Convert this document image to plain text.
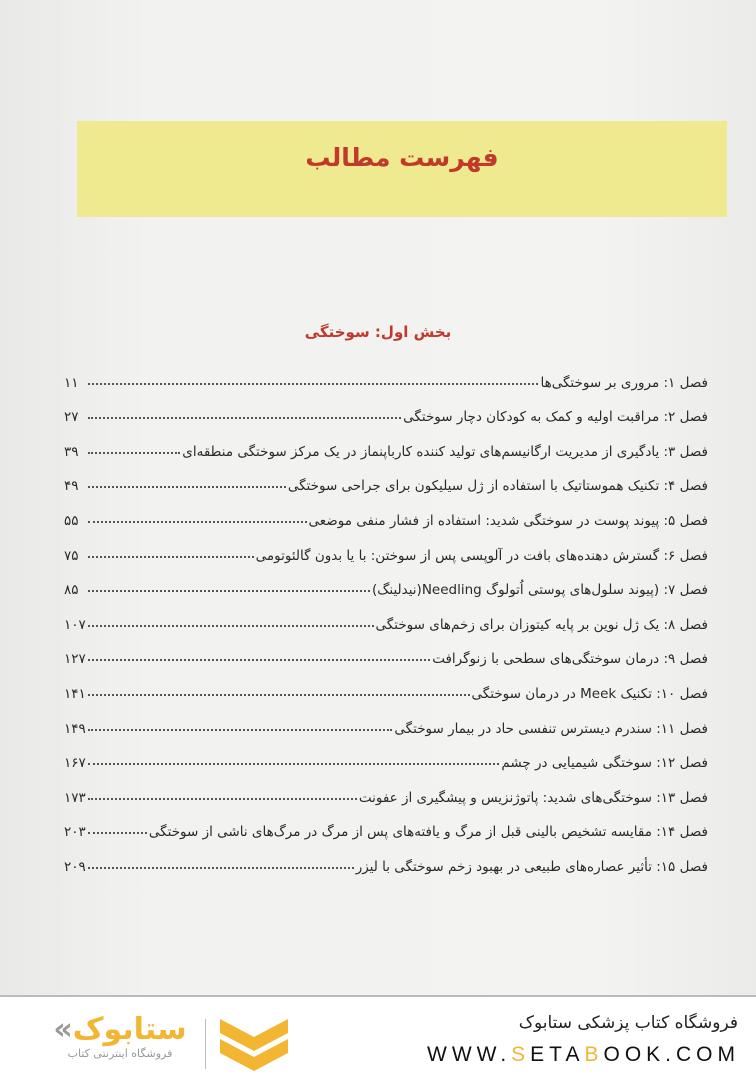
فهرست مطالب
بخش اول: سوختگی
فصل ۱: مروری بر سوختگی‌ها
۱۱
فصل ۲: مراقبت اولیه و کمک به کودکان دچار سوختگی
۲۷
فصل ۳: یادگیری از مدیریت ارگانیسم‌های تولید کننده کارباپنماز در یک مرکز سوختگی منطقه‌ای
۳۹
فصل ۴: تکنیک هموستاتیک با استفاده از ژل سیلیکون برای جراحی سوختگی
۴۹
فصل ۵: پیوند پوست در سوختگی شدید: استفاده از فشار منفی موضعی
۵۵
فصل ۶: گسترش دهنده‌های بافت در آلوپسی پس از سوختن: با یا بدون گالئوتومی
۷۵
فصل ۷: (پیوند سلول‌های پوستی اُتولوگ Needling(نیدلینگ)
۸۵
فصل ۸: یک ژل نوین بر پایه کیتوزان برای زخم‌های سوختگی
۱۰۷
فصل ۹: درمان سوختگی‌های سطحی با زنوگرافت
۱۲۷
فصل ۱۰: تکنیک Meek در درمان سوختگی
۱۴۱
فصل ۱۱: سندرم دیسترس تنفسی حاد در بیمار سوختگی
۱۴۹
فصل ۱۲: سوختگی شیمیایی در چشم
۱۶۷
فصل ۱۳: سوختگی‌های شدید: پاتوژنزیس و پیشگیری از عفونت
۱۷۳
فصل ۱۴: مقایسه تشخیص بالینی قبل از مرگ و یافته‌های پس از مرگ در مرگ‌های ناشی از سوختگی
۲۰۳
فصل ۱۵: تأثیر عصاره‌های طبیعی در بهبود زخم سوختگی با لیزر
۲۰۹
فروشگاه کتاب پزشکی ستابوک
WWW.SETABOOK.COM
«ستابوک
فروشگاه اینترنتی کتاب
